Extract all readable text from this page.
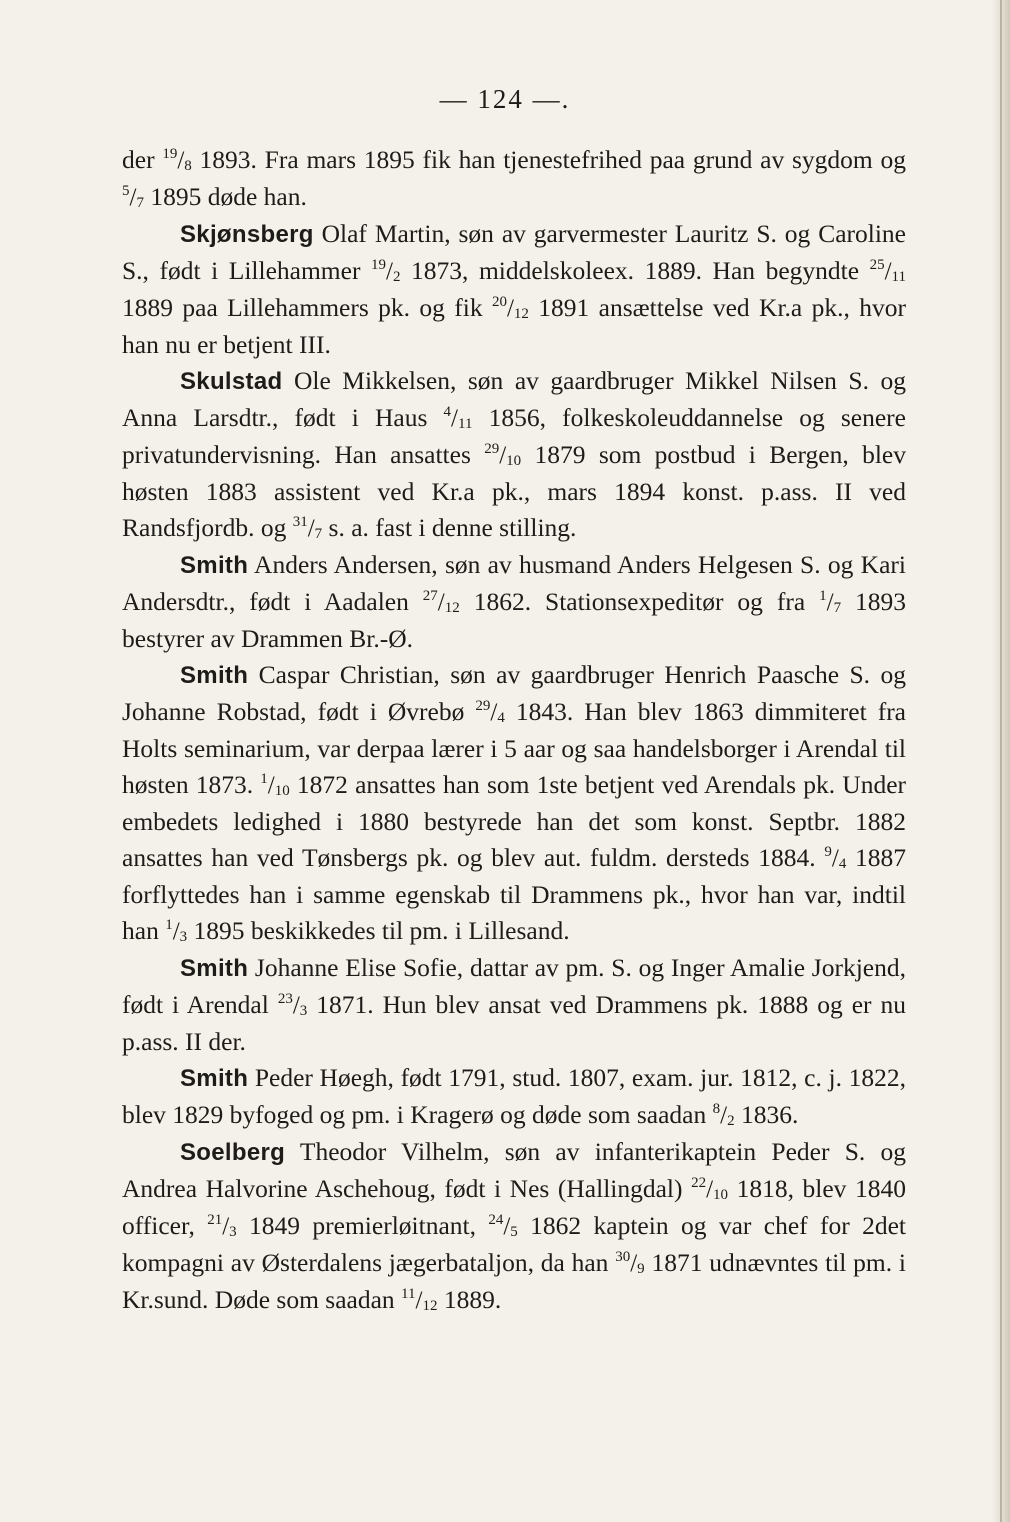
— 124 —.

der $^{19}/_8$ 1893. Fra mars 1895 fik han tjenestefrihed paa grund av sygdom og $^5/_7$ 1895 døde han.

Skjønsberg Olaf Martin, søn av garvermester Lauritz S. og Caroline S., født i Lillehammer $^{19}/_2$ 1873, middelskoleex. 1889. Han begyndte $^{25}/_{11}$ 1889 paa Lillehammers pk. og fik $^{20}/_{12}$ 1891 ansættelse ved Kr.a pk., hvor han nu er betjent III.

Skulstad Ole Mikkelsen, søn av gaardbruger Mikkel Nilsen S. og Anna Larsdtr., født i Haus $^4/_{11}$ 1856, folkeskoleuddannelse og senere privatundervisning. Han ansattes $^{29}/_{10}$ 1879 som postbud i Bergen, blev høsten 1883 assistent ved Kr.a pk., mars 1894 konst. p.ass. II ved Randsfjordb. og $^{31}/_7$ s. a. fast i denne stilling.

Smith Anders Andersen, søn av husmand Anders Helgesen S. og Kari Andersdtr., født i Aadalen $^{27}/_{12}$ 1862. Stationsexpeditør og fra $^1/_7$ 1893 bestyrer av Drammen Br.-Ø.

Smith Caspar Christian, søn av gaardbruger Henrich Paasche S. og Johanne Robstad, født i Øvrebø $^{29}/_4$ 1843. Han blev 1863 dimmiteret fra Holts seminarium, var derpaa lærer i 5 aar og saa handelsborger i Arendal til høsten 1873. $^1/_{10}$ 1872 ansattes han som 1ste betjent ved Arendals pk. Under embedets ledighed i 1880 bestyrede han det som konst. Septbr. 1882 ansattes han ved Tønsbergs pk. og blev aut. fuldm. dersteds 1884. $^9/_4$ 1887 forflyttedes han i samme egenskab til Drammens pk., hvor han var, indtil han $^1/_3$ 1895 beskikkedes til pm. i Lillesand.

Smith Johanne Elise Sofie, dattar av pm. S. og Inger Amalie Jorkjend, født i Arendal $^{23}/_3$ 1871. Hun blev ansat ved Drammens pk. 1888 og er nu p.ass. II der.

Smith Peder Høegh, født 1791, stud. 1807, exam. jur. 1812, c. j. 1822, blev 1829 byfoged og pm. i Kragerø og døde som saadan $^8/_2$ 1836.

Soelberg Theodor Vilhelm, søn av infanterikaptein Peder S. og Andrea Halvorine Aschehoug, født i Nes (Hallingdal) $^{22}/_{10}$ 1818, blev 1840 officer, $^{21}/_3$ 1849 premierløitnant, $^{24}/_5$ 1862 kaptein og var chef for 2det kompagni av Østerdalens jægerbataljon, da han $^{30}/_9$ 1871 udnævntes til pm. i Kr.sund. Døde som saadan $^{11}/_{12}$ 1889.
